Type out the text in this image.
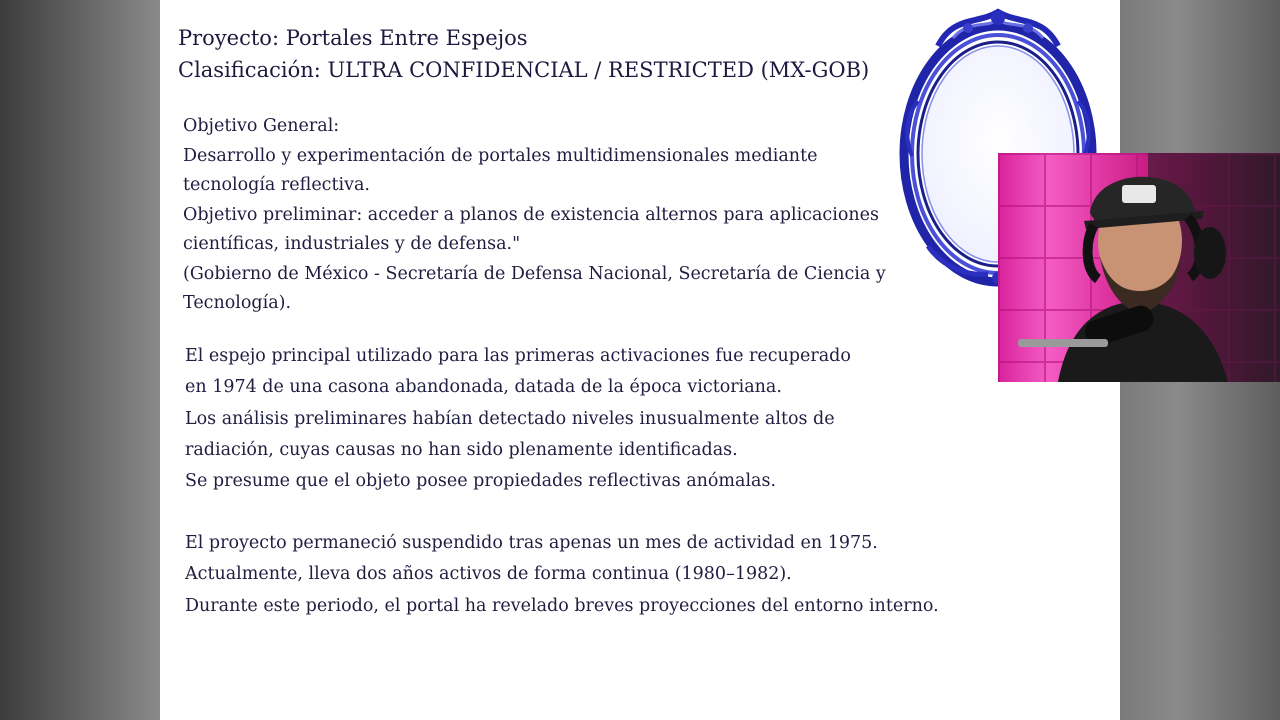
Proyecto: Portales Entre Espejos
Clasificación: ULTRA CONFIDENCIAL / RESTRICTED (MX-GOB)
Objetivo General:
Desarrollo y experimentación de portales multidimensionales mediante
tecnología reflectiva.
Objetivo preliminar: acceder a planos de existencia alternos para aplicaciones
científicas, industriales y de defensa."
(Gobierno de México - Secretaría de Defensa Nacional, Secretaría de Ciencia y
Tecnología).
El espejo principal utilizado para las primeras activaciones fue recuperado
en 1974 de una casona abandonada, datada de la época victoriana.
Los análisis preliminares habían detectado niveles inusualmente altos de
radiación, cuyas causas no han sido plenamente identificadas.
Se presume que el objeto posee propiedades reflectivas anómalas.
El proyecto permaneció suspendido tras apenas un mes de actividad en 1975.
Actualmente, lleva dos años activos de forma continua (1980–1982).
Durante este periodo, el portal ha revelado breves proyecciones del entorno interno.
